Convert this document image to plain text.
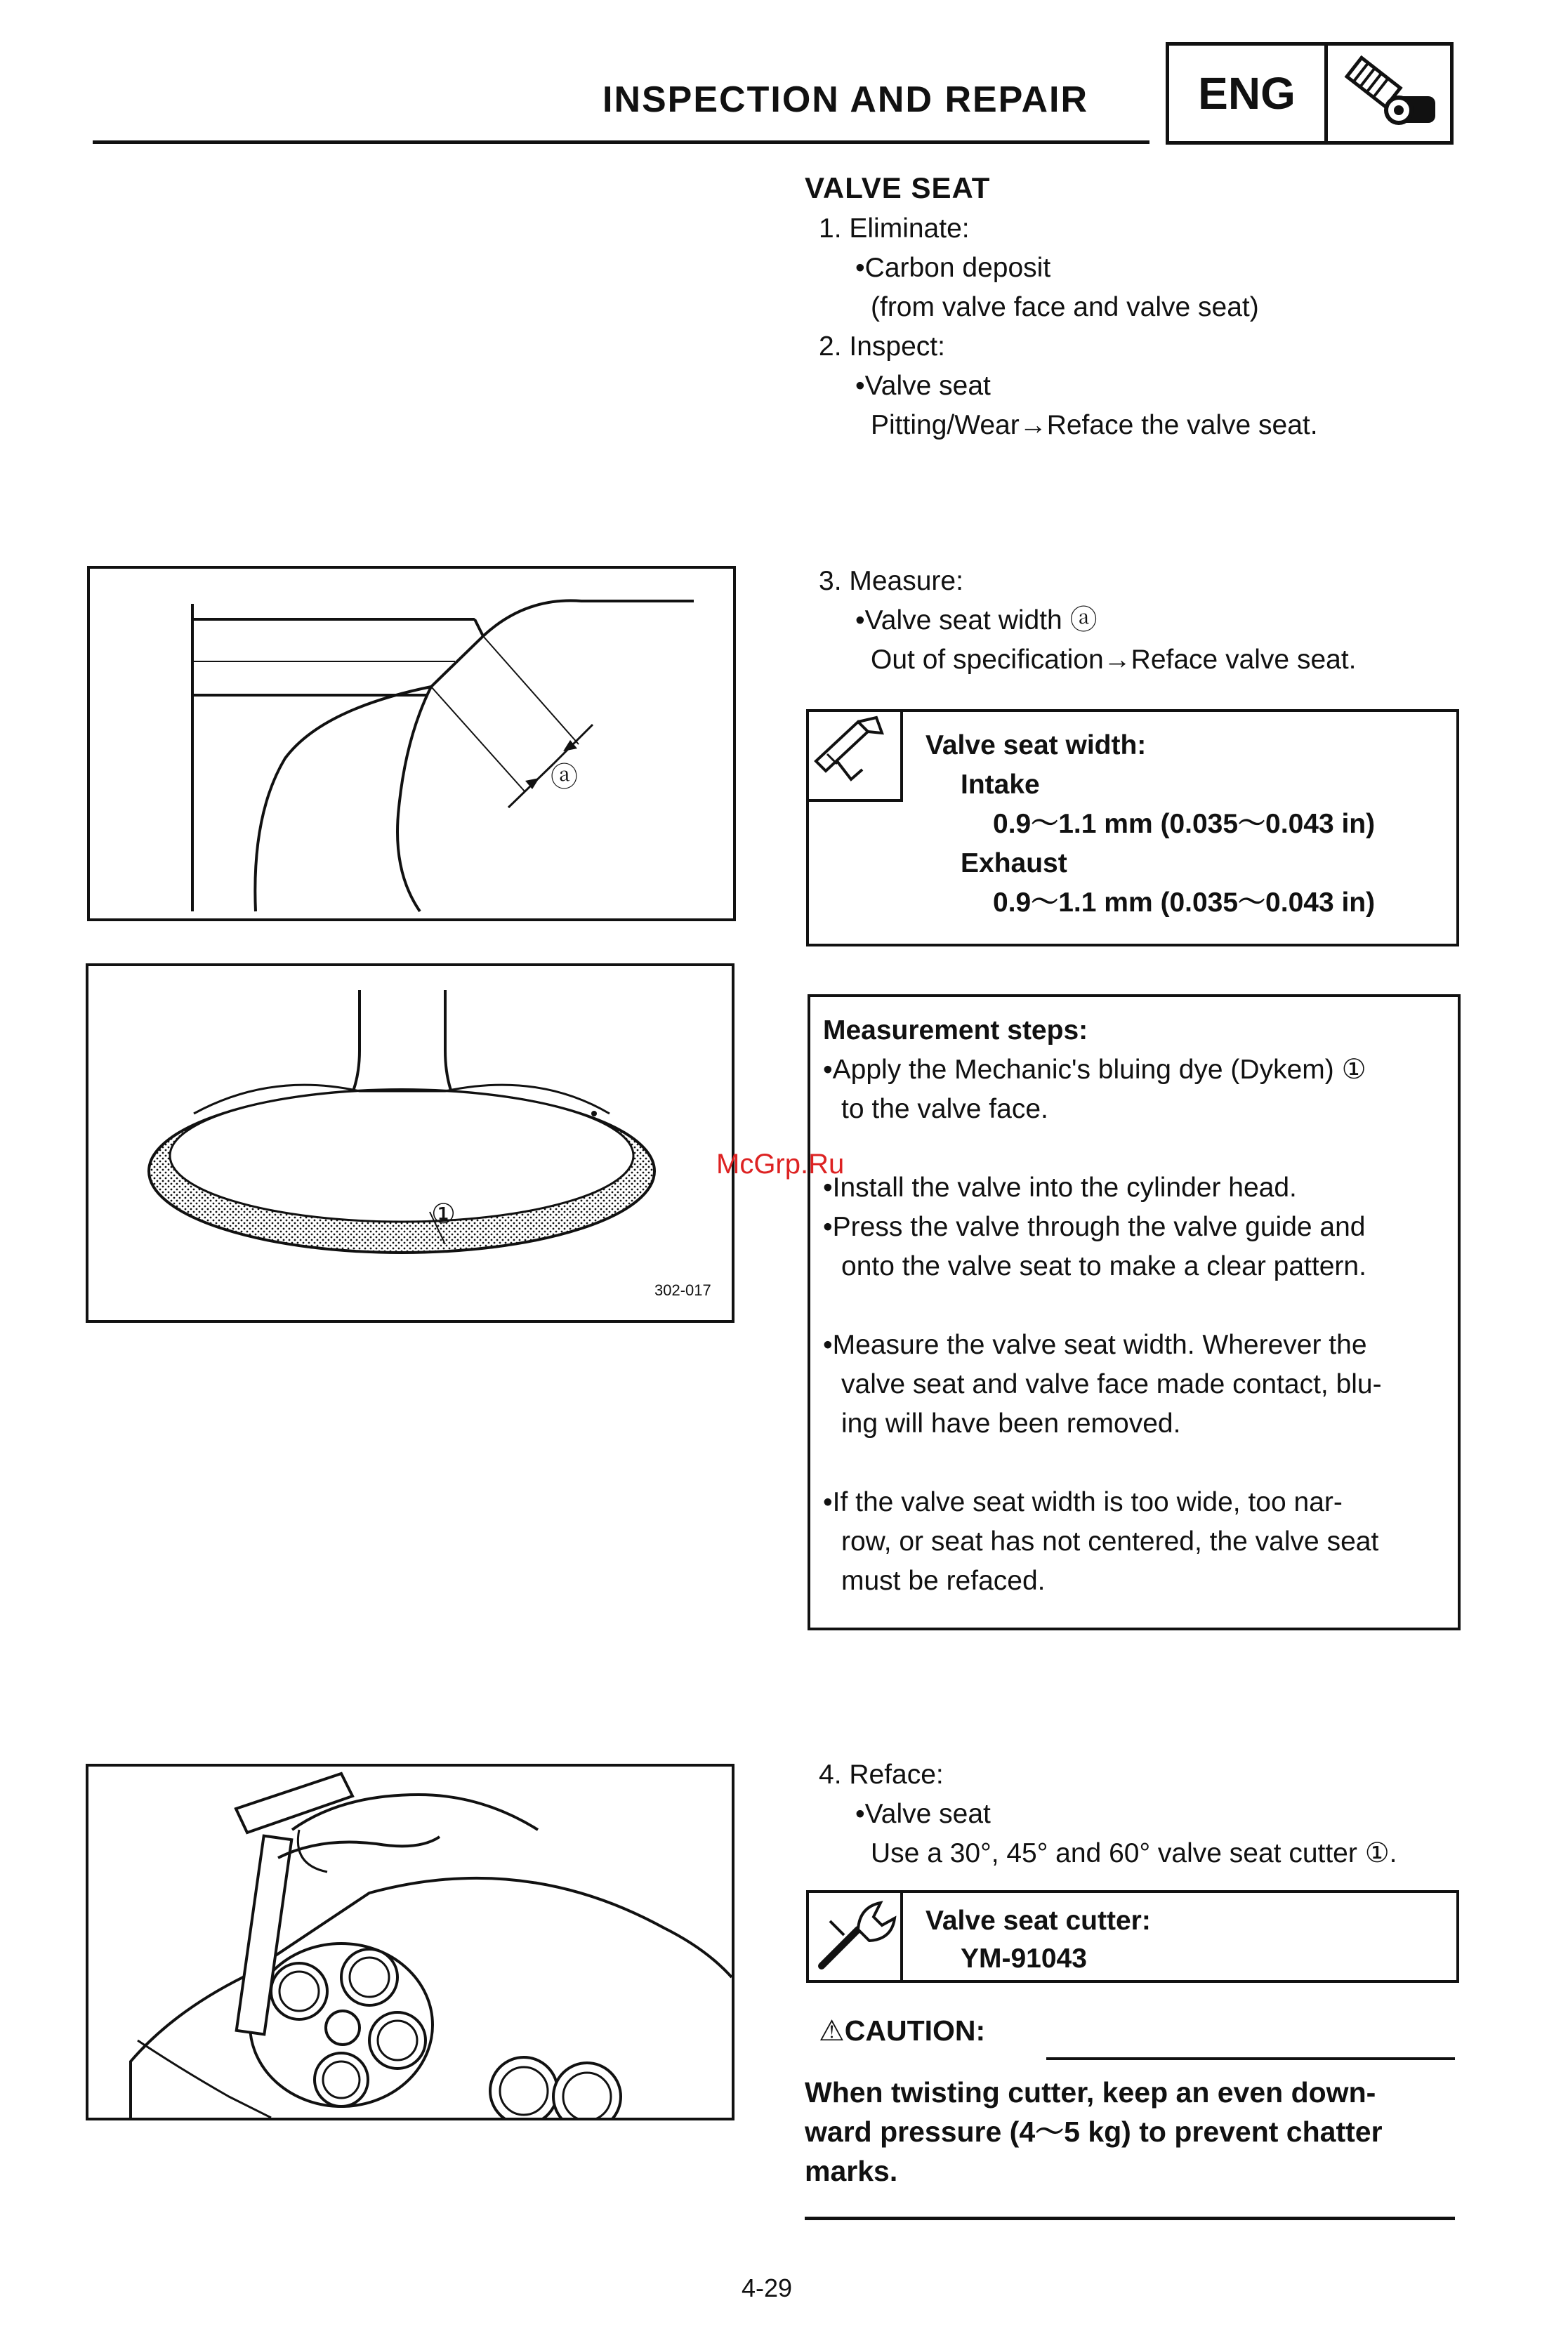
INSPECTION AND REPAIR	ENG
VALVE SEAT
1. Eliminate:
•Carbon deposit
(from valve face and valve seat)
2. Inspect:
•Valve seat
Pitting/Wear→Reface the valve seat.
ⓐ
3. Measure:
•Valve seat width ⓐ
Out of specification→Reface valve seat.
Valve seat width:
Intake
0.9～1.1 mm (0.035～0.043 in)
Exhaust
0.9～1.1 mm (0.035～0.043 in)
①
302-017
Measurement steps:
•Apply the Mechanic's bluing dye (Dykem) ①
to the valve face.
•Install the valve into the cylinder head.
•Press the valve through the valve guide and
onto the valve seat to make a clear pattern.
•Measure the valve seat width. Wherever the
valve seat and valve face made contact, blu-
ing will have been removed.
•If the valve seat width is too wide, too nar-
row, or seat has not centered, the valve seat
must be refaced.
McGrp.Ru
4. Reface:
•Valve seat
Use a 30°, 45° and 60° valve seat cutter ①.
Valve seat cutter:
YM-91043
⚠CAUTION:
When twisting cutter, keep an even down-
ward pressure (4～5 kg) to prevent chatter
marks.
4-29
